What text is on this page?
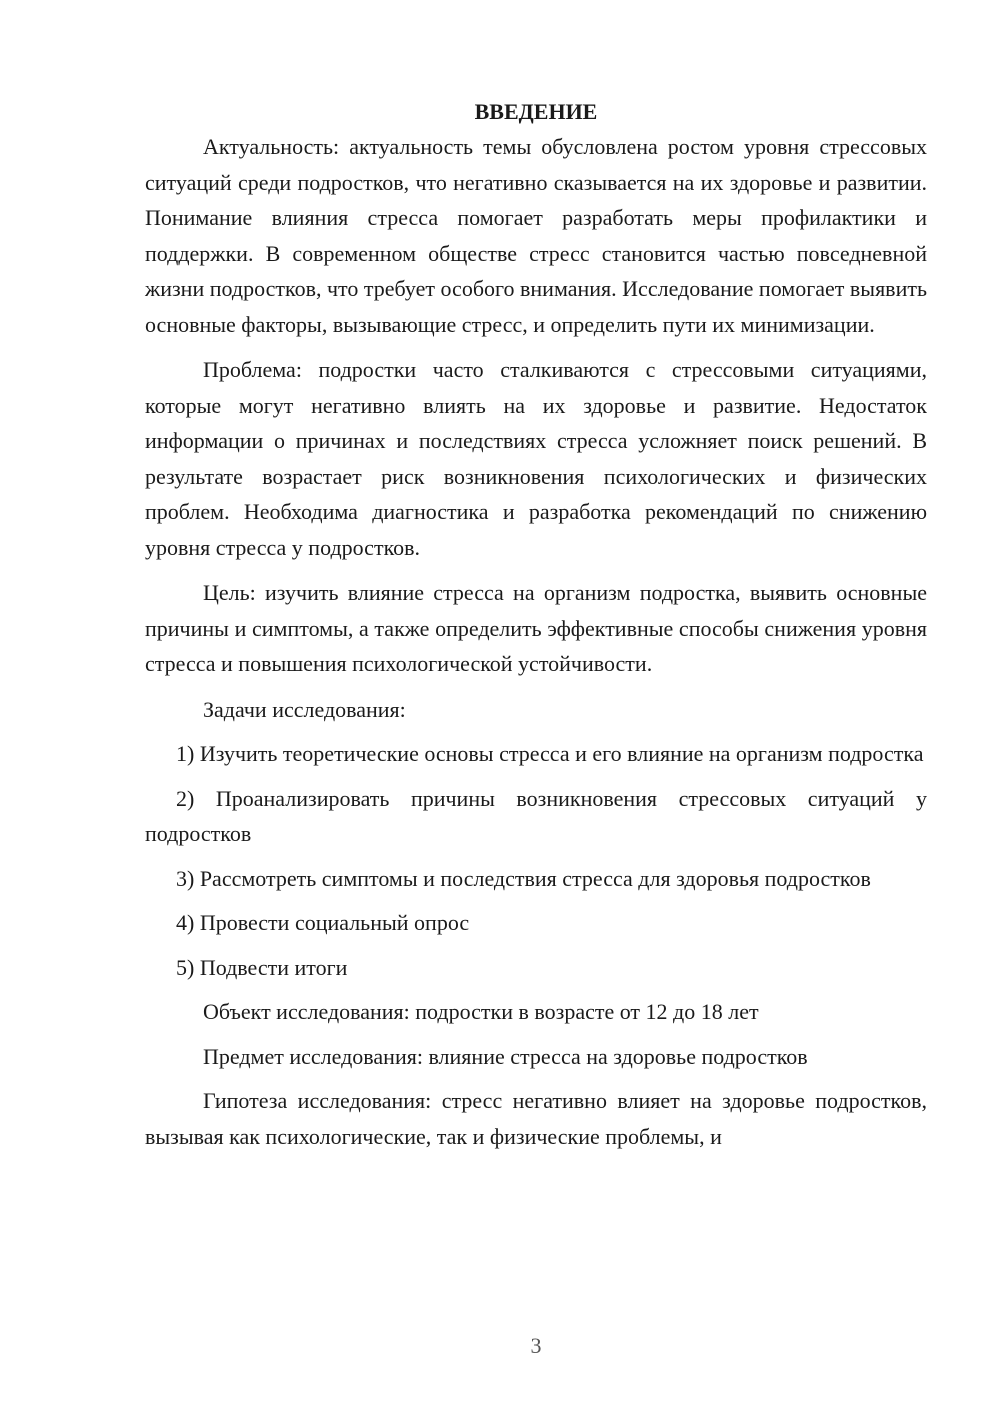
ВВЕДЕНИЕ

Актуальность: актуальность темы обусловлена ростом уровня стрессовых ситуаций среди подростков, что негативно сказывается на их здоровье и развитии. Понимание влияния стресса помогает разработать меры профилактики и поддержки. В современном обществе стресс становится частью повседневной жизни подростков, что требует особого внимания. Исследование помогает выявить основные факторы, вызывающие стресс, и определить пути их минимизации.

Проблема: подростки часто сталкиваются с стрессовыми ситуациями, которые могут негативно влиять на их здоровье и развитие. Недостаток информации о причинах и последствиях стресса усложняет поиск решений. В результате возрастает риск возникновения психологических и физических проблем. Необходима диагностика и разработка рекомендаций по снижению уровня стресса у подростков.

Цель: изучить влияние стресса на организм подростка, выявить основные причины и симптомы, а также определить эффективные способы снижения уровня стресса и повышения психологической устойчивости.

Задачи исследования:

1) Изучить теоретические основы стресса и его влияние на организм подростка

2) Проанализировать причины возникновения стрессовых ситуаций у подростков

3) Рассмотреть симптомы и последствия стресса для здоровья подростков

4) Провести социальный опрос

5) Подвести итоги

Объект исследования: подростки в возрасте от 12 до 18 лет

Предмет исследования: влияние стресса на здоровье подростков

Гипотеза исследования: стресс негативно влияет на здоровье подростков, вызывая как психологические, так и физические проблемы, и

3
